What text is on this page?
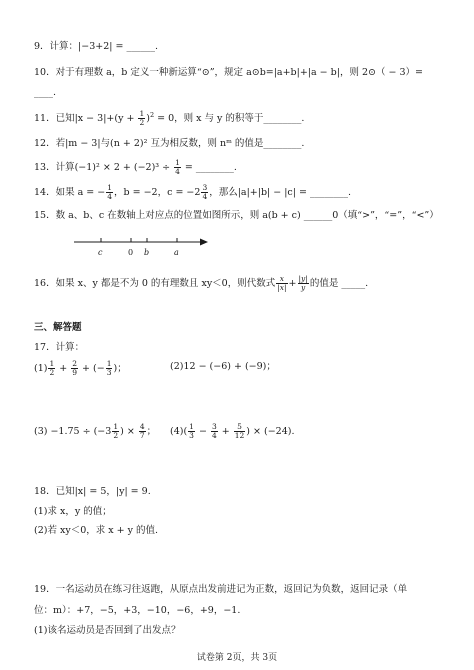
9．计算：|−3+2| = ______.
10．对于有理数 a，b 定义一种新运算“⊙”，规定 a⊙b=|a+b|+|a − b|，则 2⊙（ − 3）=
____.
11．已知$|x - 3|+(y + \frac{1}{2} )^2 = 0$，则 x 与 y 的积等于________.
12．若|m − 3|与(n + 2)² 互为相反数，则 nᵐ 的值是________.
13．计算$(-1)^2 \times 2 + (-2)^3 \div \frac{1}{4}$ = ________.
14．如果 a = − $\frac{1}{4}$ ，b = −2，$c = -2 \frac{3}{4}$ ，那么|a|+|b| − |c| = ________.
15．数 a、b、c 在数轴上对应点的位置如图所示，则 a(b + c) ______0（填“>”，“=”，“<”）
c	0 b	a
16．如果 x、y 都是不为 0 的有理数且 xy＜0，则代数式 $\frac{x}{|x|} + \frac{|y|}{y}$ 的值是 _____.
三、解答题
17．计算：
$(1) \frac{1}{2} + \frac{2}{9}$ + (− $\frac{1}{3}$ )；	(2)12 − (−6) + (−9)；
$(3) -1.75 \div (-3 \frac{1}{2}$ ) × $\frac{4}{7}$ ； $(4)( \frac{1}{3} - \frac{3}{4} + \frac{5}{12}$ ) × (−24).
18．已知|x| = 5，|y| = 9.
(1)求 x，y 的值；
(2)若 xy＜0，求 x + y 的值.
19．一名运动员在练习往返跑，从原点出发前进记为正数，返回记为负数，返回记录（单
位：m）：+7，−5，+3，−10，−6，+9，−1.
(1)该名运动员是否回到了出发点？
试卷第 2页，共 3页
